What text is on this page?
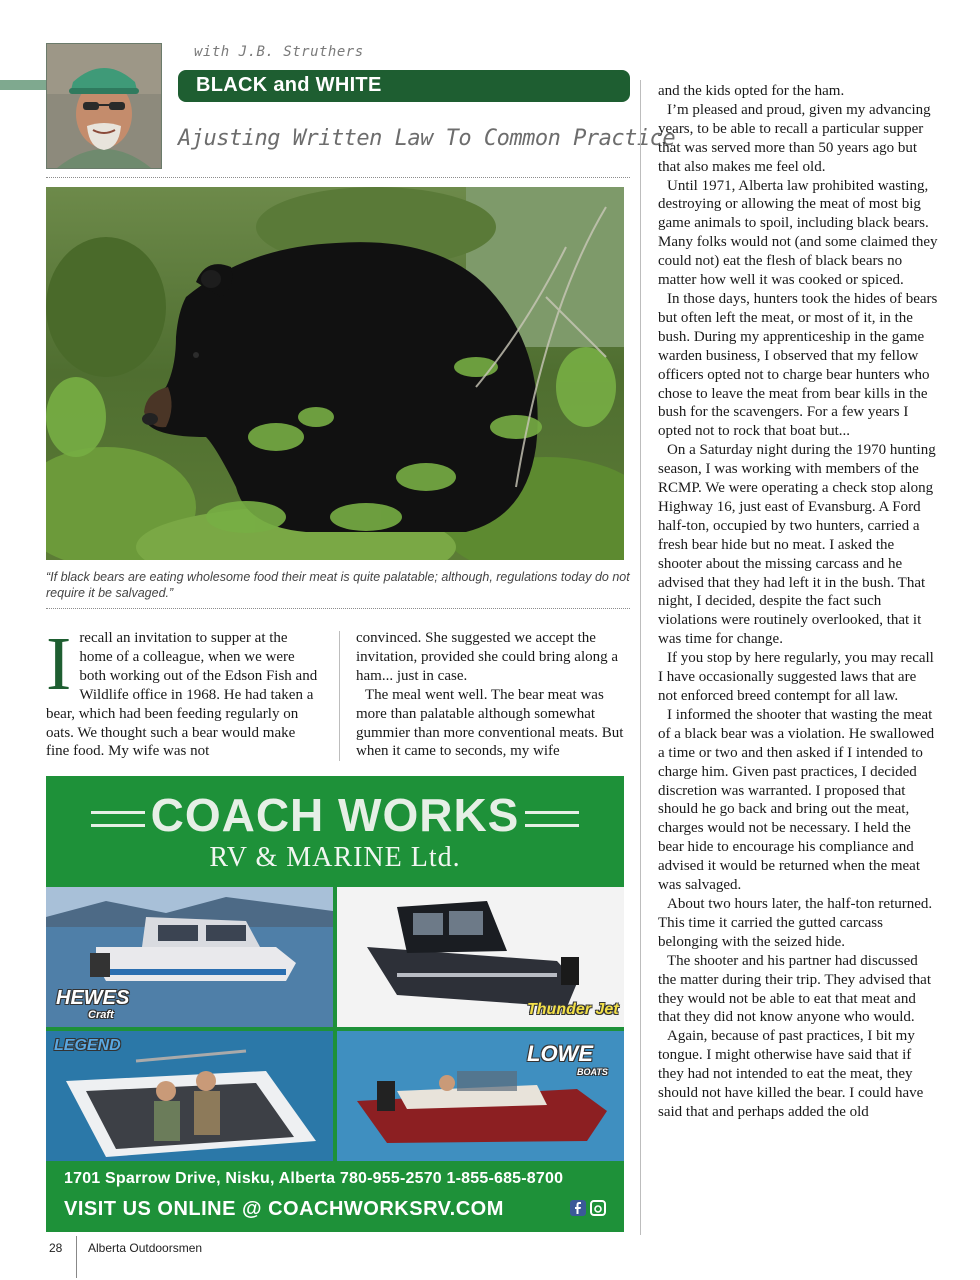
with J.B. Struthers
BLACK and WHITE
Ajusting Written Law To Common Practice
“If black bears are eating wholesome food their meat is quite palatable; although, regulations today do not require it be salvaged.”
I recall an invitation to supper at the home of a colleague, when we were both working out of the Edson Fish and Wildlife office in 1968. He had taken a bear, which had been feeding regularly on oats. We thought such a bear would make fine food. My wife was not

convinced. She suggested we accept the invitation, provided she could bring along a ham... just in case.

The meal went well. The bear meat was more than palatable although somewhat gummier than more conventional meats. But when it came to seconds, my wife

and the kids opted for the ham.

I’m pleased and proud, given my advancing years, to be able to recall a particular supper that was served more than 50 years ago but that also makes me feel old.

Until 1971, Alberta law prohibited wasting, destroying or allowing the meat of most big game animals to spoil, including black bears. Many folks would not (and some claimed they could not) eat the flesh of black bears no matter how well it was cooked or spiced.

In those days, hunters took the hides of bears but often left the meat, or most of it, in the bush. During my apprenticeship in the game warden business, I observed that my fellow officers opted not to charge bear hunters who chose to leave the meat from bear kills in the bush for the scavengers. For a few years I opted not to rock that boat but...

On a Saturday night during the 1970 hunting season, I was working with members of the RCMP. We were operating a check stop along Highway 16, just east of Evansburg. A Ford half-ton, occupied by two hunters, carried a fresh bear hide but no meat. I asked the shooter about the missing carcass and he advised that they had left it in the bush. That night, I decided, despite the fact such violations were routinely overlooked, that it was time for change.

If you stop by here regularly, you may recall I have occasionally suggested laws that are not enforced breed contempt for all law.

I informed the shooter that wasting the meat of a black bear was a violation. He swallowed a time or two and then asked if I intended to charge him. Given past practices, I decided discretion was warranted. I proposed that should he go back and bring out the meat, charges would not be necessary. I held the bear hide to encourage his compliance and advised it would be returned when the meat was salvaged.

About two hours later, the half-ton returned. This time it carried the gutted carcass belonging with the seized hide.

The shooter and his partner had discussed the matter during their trip. They advised that they would not be able to eat that meat and that they did not know anyone who would.

Again, because of past practices, I bit my tongue. I might otherwise have said that if they had not intended to eat the meat, they should not have killed the bear. I could have said that and perhaps added the old

COACH WORKS
RV & MARINE Ltd.
HEWES
Craft	Thunder Jet
LEGEND	LOWE
BOATS
1701 Sparrow Drive, Nisku, Alberta 780-955-2570 1-855-685-8700
VISIT US ONLINE @ COACHWORKSRV.COM
28 Alberta Outdoorsmen
